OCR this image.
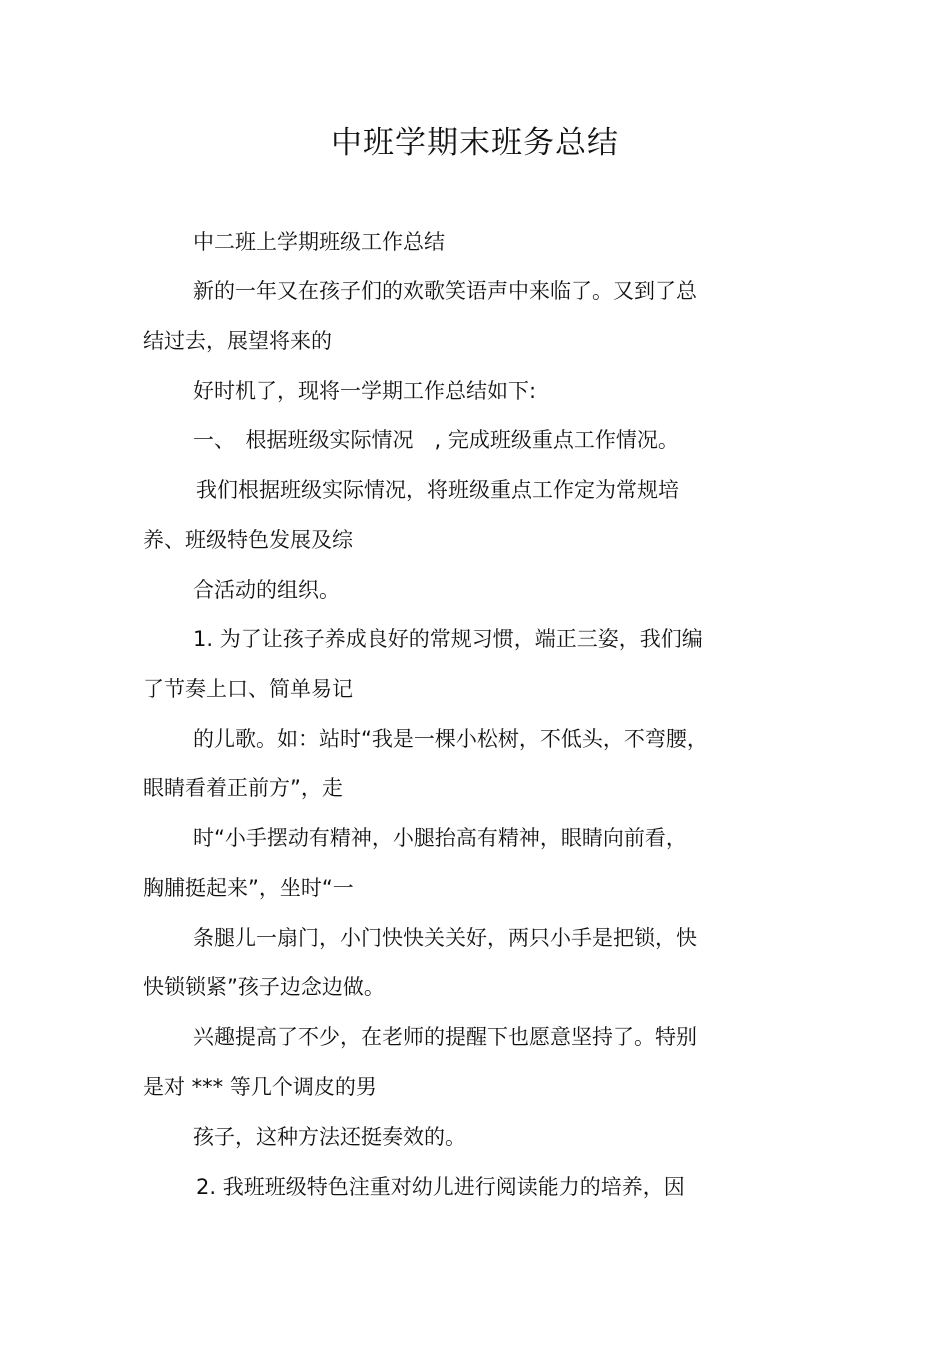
中班学期末班务总结
中二班上学期班级工作总结
新的一年又在孩子们的欢歌笑语声中来临了。又到了总
结过去，展望将来的
好时机了，现将一学期工作总结如下:
一、　根据班级实际情况　, 完成班级重点工作情况。
我们根据班级实际情况，将班级重点工作定为常规培
养、班级特色发展及综
合活动的组织。
1. 为了让孩子养成良好的常规习惯，端正三姿，我们编
了节奏上口、简单易记
的儿歌。如：站时“我是一棵小松树，不低头，不弯腰，
眼睛看着正前方”，走
时“小手摆动有精神，小腿抬高有精神，眼睛向前看，
胸脯挺起来”，坐时“一
条腿儿一扇门，小门快快关关好，两只小手是把锁，快
快锁锁紧”孩子边念边做。
兴趣提高了不少，在老师的提醒下也愿意坚持了。特别
是对 *** 等几个调皮的男
孩子，这种方法还挺奏效的。
2. 我班班级特色注重对幼儿进行阅读能力的培养，因
